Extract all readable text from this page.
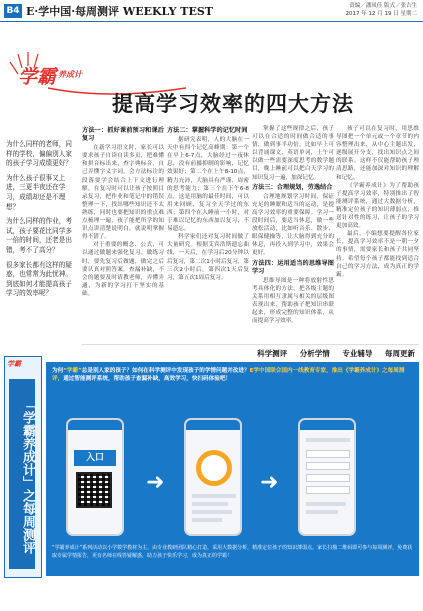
B4 E·学中国·每周测评 WEEKLY TEST	责编／潘凤佳 版式／张吉生
2017 年 12 月 19 日 星期二
学霸 养成计
提高学习效率的四大方法

为什么同样的老师，同样的学校，偏偏别人家的孩子学习成绩更好？

为什么孩子很事又上进，三更半夜还在学习，成绩却还是不理想？

为什么同样的作业，考试，孩子要花比同学多一倍的时间，还老是出错，考不了高分？

很多家长都有这样的疑惑，也常常为此忧神。到底如何才能提高孩子学习的效率呢？

方法一：抓好课前预习和课后复习

在新学习语文时，家长可以要求孩子自读自读多页，把难懂和拼音标出来，查字典标音，自己弄懂字义字词，会方法标注的段落要学会结合上下文进行理解。在复习时可以让孩子按照目录复习，把作业和笔记中的错误整理一下，找出哪些知识还不太熟练，同时也要把知识的重点难点梳理一遍，孩子能把所学的知识点讲清楚说明白，就说明掌握得不错了。

对于重要的概念、公式，可以通过做题来强化复习。做练习时，要先复习后做题，做完之后要认真对照答案，查漏补缺，不会的题要及时请教老师，弄懂弄通，为新的学习打下坚实的基础。

方法二：掌握科学的记忆时间

据研究表明，人的大脑在一天中有四个记忆高峰期：第一个在早上6-7点，大脑经过一夜休息，没有前摄抑制的影响，记忆效果好；第二个在上午8-10点，精力充沛，大脑具有严谨、周密的思考能力；第三个在下午6-8点，这是用脑的最佳时间，可以用来回顾、复习全天学过的东西；第四个在入睡前一小时，对于难以记忆的东西加以复习，不易遗忘。

科学家们还对复习时间做了大量研究。根据艾宾浩斯遗忘曲线，一天后，在学习后20分钟以后复习，第二次1小时后复习，第三次2小时后，第四次1天后复习，第五次1周后复习。

掌握了这些规律之后，孩子可以在合适的时间做合适的事情，做到事半功倍。比如早上可以背诵课文、英语单词，上午可以做一些需要深度思考的数学题目，晚上睡前可以把白天学习的知识复习一遍，加深记忆。

方法三：合理规划，劳逸结合

合理地规划学习时间，保证充足的睡眠和适当的运动，是提高学习效率的重要保障。学习一段时间后，要适当休息，做一些放松活动，比如听音乐、散步、眼保健操等，让大脑得到充分的休息，再投入到学习中，效果会更好。

方法四：运用适当的思维导图学习

思维导图是一种将放射性思考具体化的方法，把各级主题的关系用相互隶属与相关的层级图表现出来，帮助孩子把知识串联起来，形成完整的知识体系，从而提高学习效率。

孩子可以在复习时，用思维导图把一个单元或一个章节的内容整理出来，从中心主题出发，逐级展开分支，找出知识点之间的联系。这样不仅能帮助孩子理清思路，还能加深对知识的理解和记忆。

《学霸养成计》为了帮助孩子提高学习效率，特别推出了智能测评系统，通过大数据分析，精准定位孩子的知识薄弱点，推送针对性的练习，让孩子的学习更加高效。

最后，小编想要提醒各位家长，提高学习效率不是一朝一夕的事情，需要家长和孩子共同坚持。希望每个孩子都能找到适合自己的学习方法，成为真正的学霸。

科学测评 分析学情 专业辅导 每周更新
学霸
「学霸养成计」之每周测评
为何“学霸”总是别人家的孩子？如何在科学测评中发现孩子的学情问题并改进？E学中国联合国内一线教育专家，推出《学霸养成计》之每周测评，通过智能测评系统，帮助孩子查漏补缺，高效学习，快扫码体验吧！
入口
➜	➜
“学霸养成计”系列活动以小学数学教材为主，由专业教研团队精心打造，采用大数据分析，精准定位孩子的知识薄弱点。家长扫描二维码即可参与每周测评，免费获取专属学情报告，更有名师在线答疑解惑，助力孩子快乐学习，成为真正的学霸！
